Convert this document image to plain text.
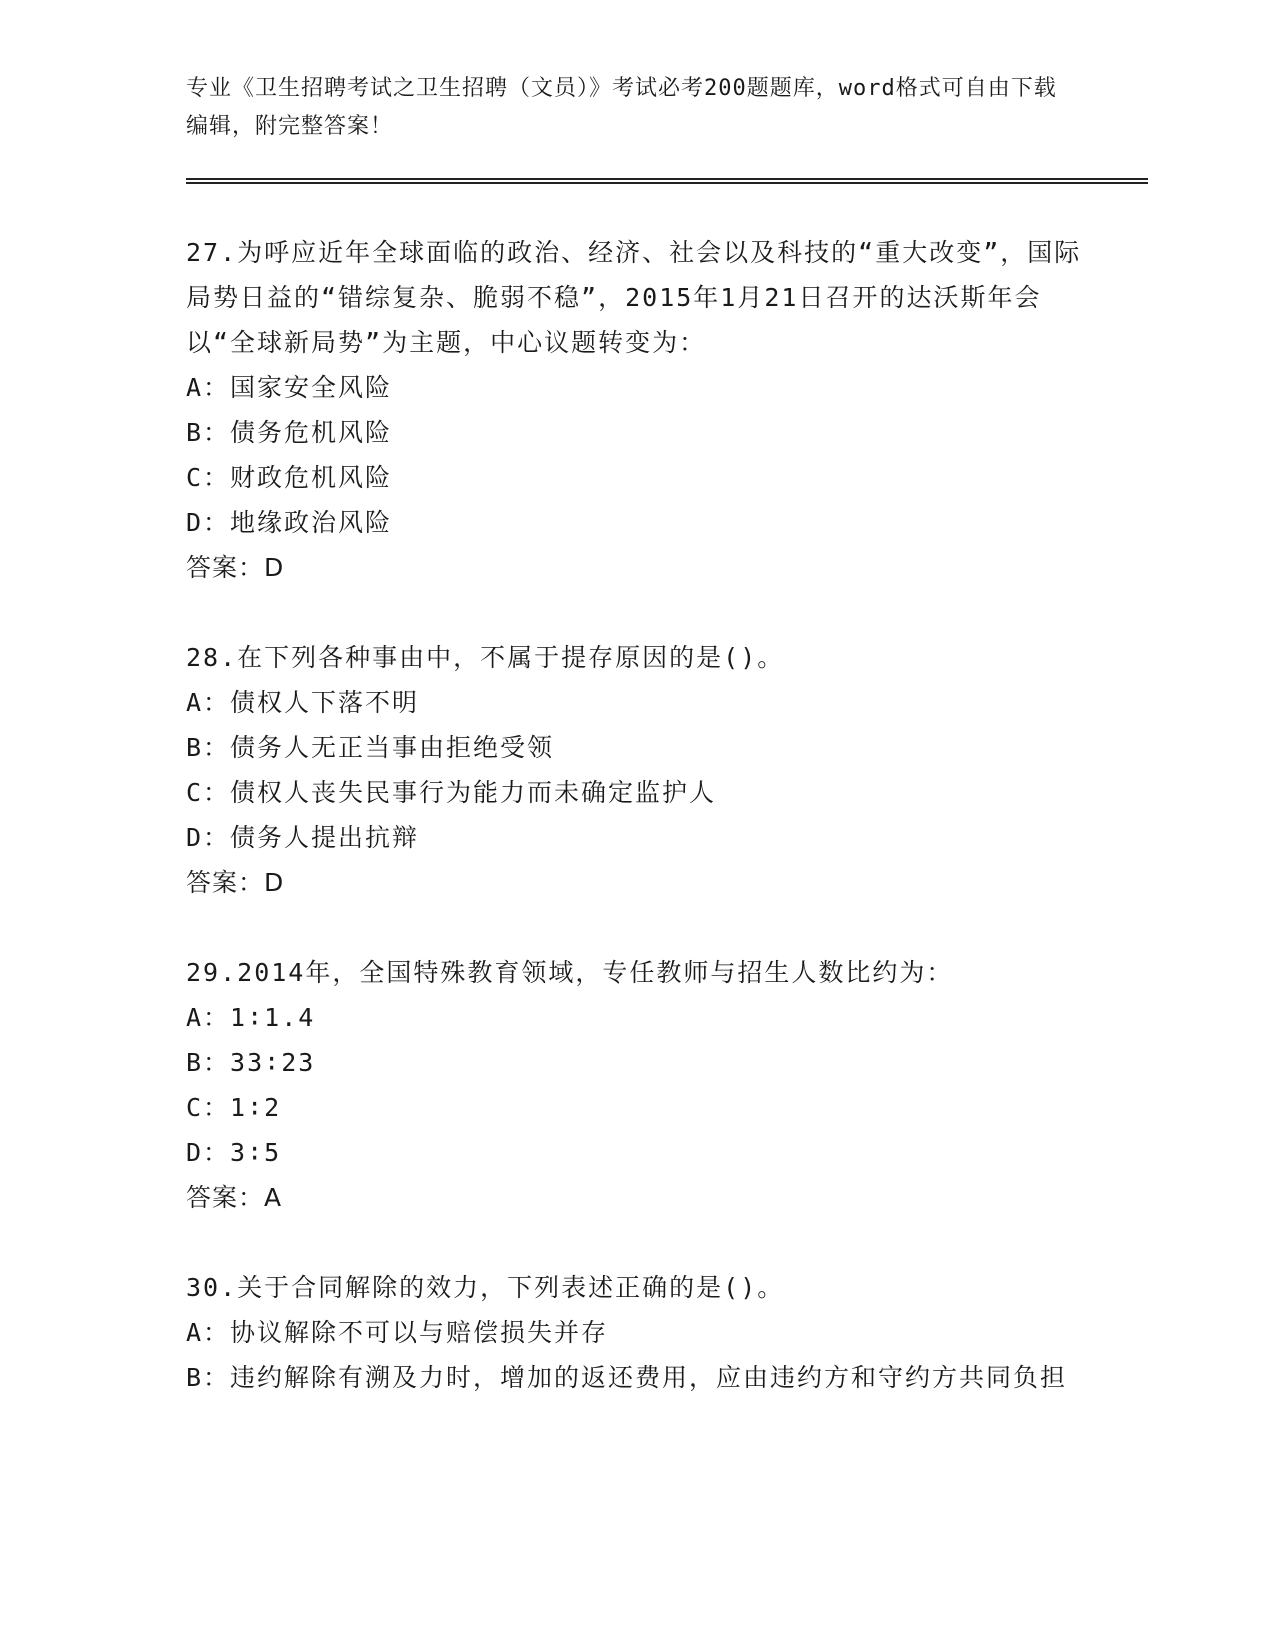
专业《卫生招聘考试之卫生招聘（文员）》考试必考200题题库，word格式可自由下载编辑，附完整答案！

27.为呼应近年全球面临的政治、经济、社会以及科技的“重大改变”，国际局势日益的“错综复杂、脆弱不稳”，2015年1月21日召开的达沃斯年会以“全球新局势”为主题，中心议题转变为：

A：国家安全风险

B：债务危机风险

C：财政危机风险

D：地缘政治风险

答案：D

28.在下列各种事由中，不属于提存原因的是()。

A：债权人下落不明

B：债务人无正当事由拒绝受领

C：债权人丧失民事行为能力而未确定监护人

D：债务人提出抗辩

答案：D

29.2014年，全国特殊教育领域，专任教师与招生人数比约为：

A：1∶1.4

B：33∶23

C：1∶2

D：3∶5

答案：A

30.关于合同解除的效力，下列表述正确的是()。

A：协议解除不可以与赔偿损失并存

B：违约解除有溯及力时，增加的返还费用，应由违约方和守约方共同负担
